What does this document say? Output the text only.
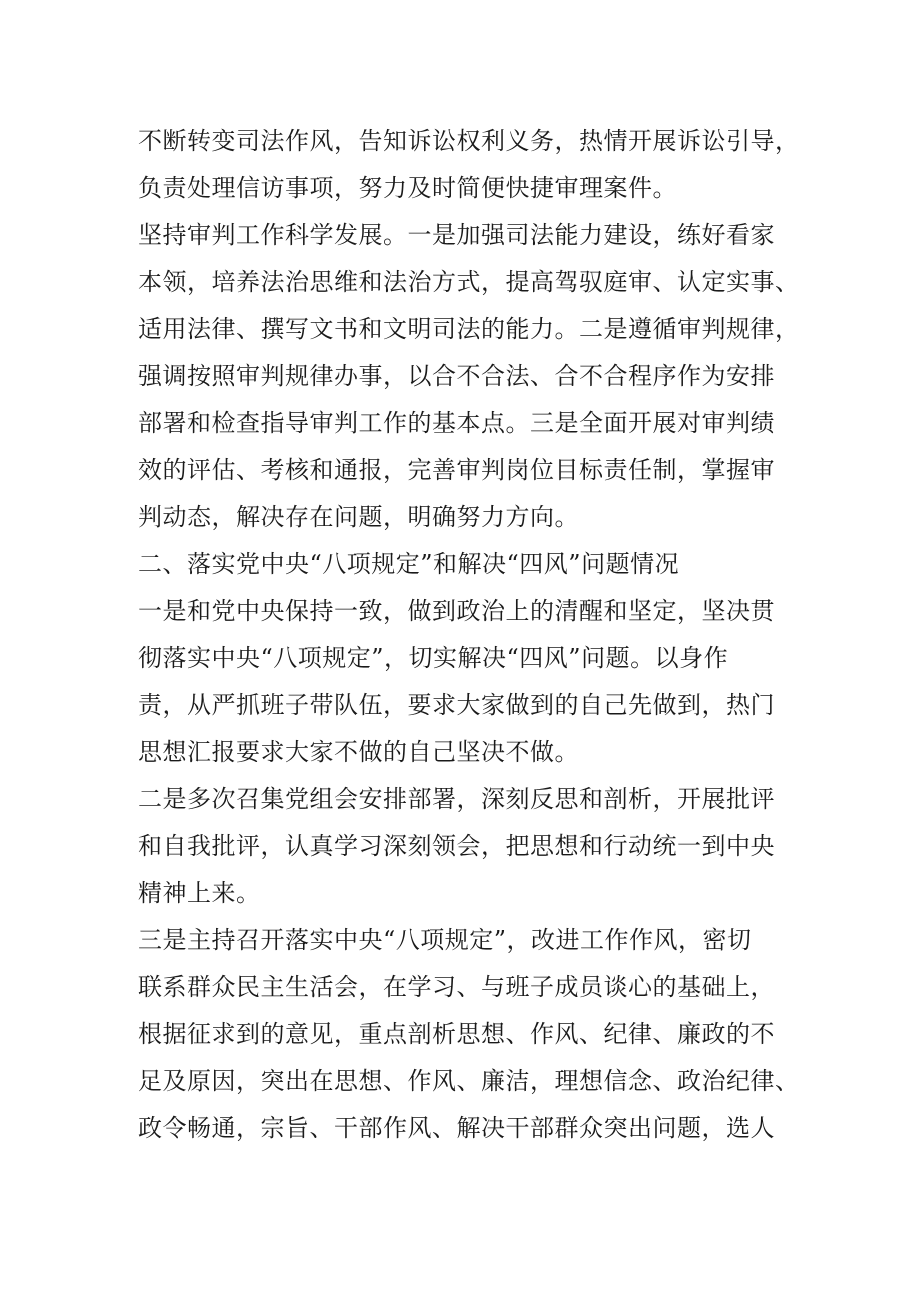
不断转变司法作风，告知诉讼权利义务，热情开展诉讼引导，
负责处理信访事项，努力及时简便快捷审理案件。
坚持审判工作科学发展。一是加强司法能力建设，练好看家
本领，培养法治思维和法治方式，提高驾驭庭审、认定实事、
适用法律、撰写文书和文明司法的能力。二是遵循审判规律，
强调按照审判规律办事，以合不合法、合不合程序作为安排
部署和检查指导审判工作的基本点。三是全面开展对审判绩
效的评估、考核和通报，完善审判岗位目标责任制，掌握审
判动态，解决存在问题，明确努力方向。
二、落实党中央“八项规定”和解决“四风”问题情况
一是和党中央保持一致，做到政治上的清醒和坚定，坚决贯
彻落实中央“八项规定”，切实解决“四风”问题。以身作
责，从严抓班子带队伍，要求大家做到的自己先做到，热门
思想汇报要求大家不做的自己坚决不做。
二是多次召集党组会安排部署，深刻反思和剖析，开展批评
和自我批评，认真学习深刻领会，把思想和行动统一到中央
精神上来。
三是主持召开落实中央“八项规定”，改进工作作风，密切
联系群众民主生活会，在学习、与班子成员谈心的基础上，
根据征求到的意见，重点剖析思想、作风、纪律、廉政的不
足及原因，突出在思想、作风、廉洁，理想信念、政治纪律、
政令畅通，宗旨、干部作风、解决干部群众突出问题，选人
